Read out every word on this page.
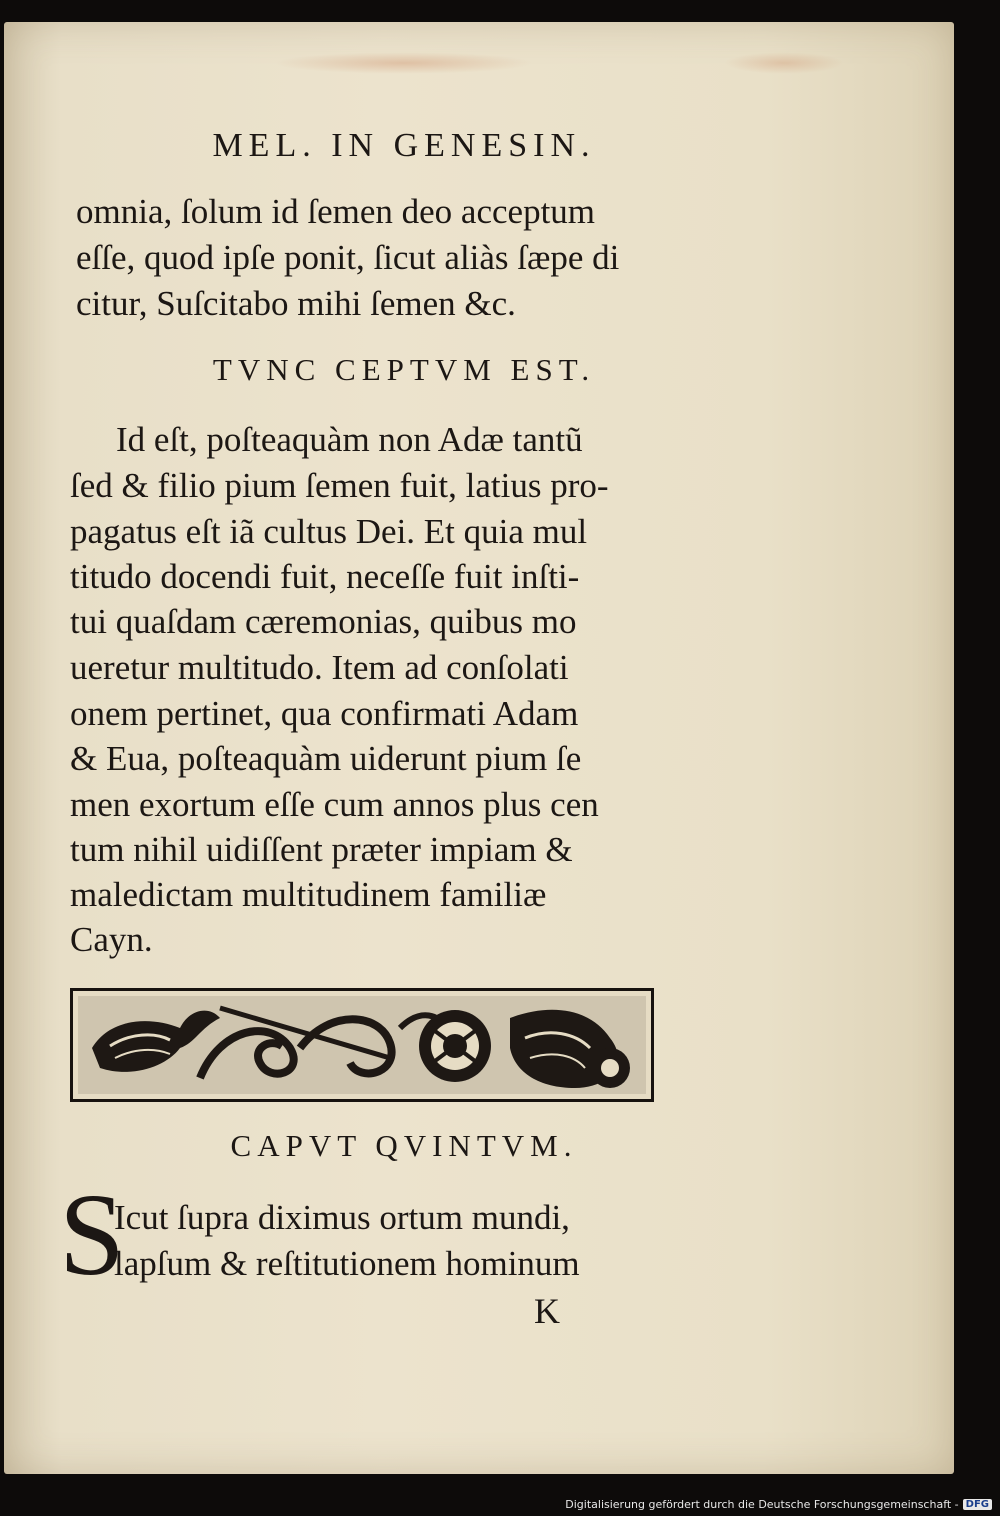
MEL. IN GENESIN.
omnia, ſolum id ſemen deo acceptum
eſſe, quod ipſe ponit, ſicut aliàs ſæpe di
citur, Suſcitabo mihi ſemen &c.
TVNC CEPTVM EST.
Id eſt, poſteaquàm non Adæ tantũ
ſed & filio pium ſemen fuit, latius pro-
pagatus eſt iã cultus Dei. Et quia mul
titudo docendi fuit, neceſſe fuit inſti-
tui quaſdam cæremonias, quibus mo
ueretur multitudo. Item ad conſolati
onem pertinet, qua confirmati Adam
& Eua, poſteaquàm uiderunt pium ſe
men exortum eſſe cum annos plus cen
tum nihil uidiſſent præter impiam &
maledictam multitudinem familiæ
Cayn.
CAPVT QVINTVM.
S
Icut ſupra diximus ortum mundi,
lapſum & reſtitutionem hominum
K
Digitalisierung gefördert durch die Deutsche Forschungsgemeinschaft - DFG
